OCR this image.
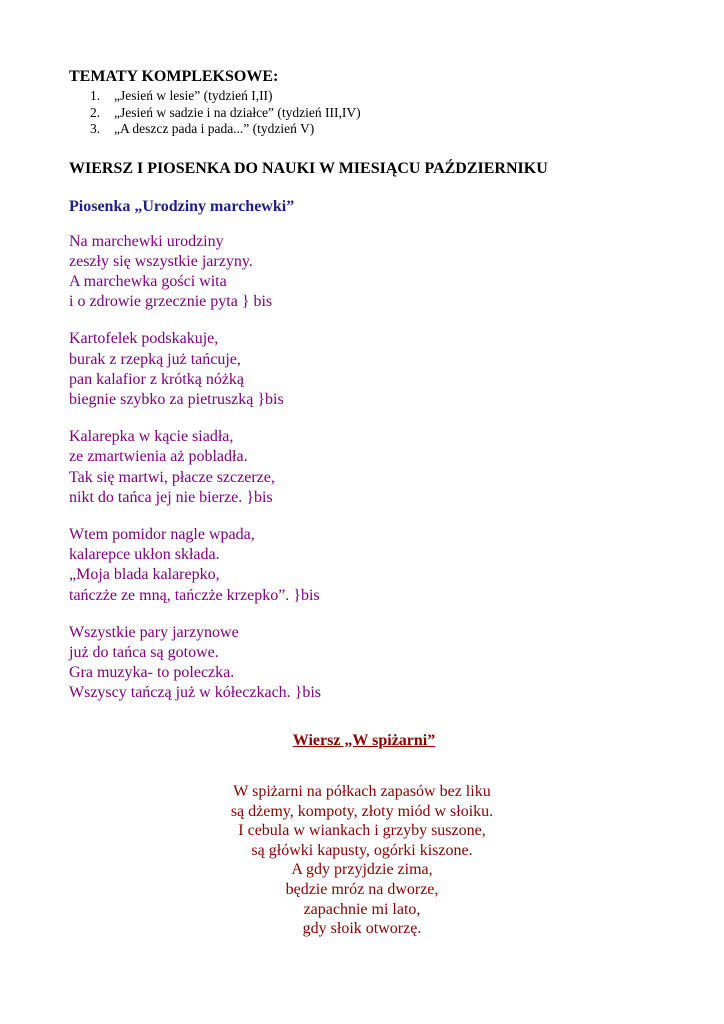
TEMATY KOMPLEKSOWE:
1.	„Jesień w lesie” (tydzień I,II)
2.	„Jesień w sadzie i na działce” (tydzień III,IV)
3.	„A deszcz pada i pada...” (tydzień V)
WIERSZ I PIOSENKA DO NAUKI W MIESIĄCU PAŹDZIERNIKU
Piosenka „Urodziny marchewki”
Na marchewki urodziny
zeszły się wszystkie jarzyny.
A marchewka gości wita
i o zdrowie grzecznie pyta } bis
Kartofelek podskakuje,
burak z rzepką już tańcuje,
pan kalafior z krótką nóżką
biegnie szybko za pietruszką }bis
Kalarepka w kącie siadła,
ze zmartwienia aż pobladła.
Tak się martwi, płacze szczerze,
nikt do tańca jej nie bierze. }bis
Wtem pomidor nagle wpada,
kalarepce ukłon składa.
„Moja blada kalarepko,
tańczże ze mną, tańczże krzepko”. }bis
Wszystkie pary jarzynowe
już do tańca są gotowe.
Gra muzyka- to poleczka.
Wszyscy tańczą już w kółeczkach. }bis
Wiersz „W spiżarni”
W spiżarni na półkach zapasów bez liku
są dżemy, kompoty, złoty miód w słoiku.
I cebula w wiankach i grzyby suszone,
są główki kapusty, ogórki kiszone.
A gdy przyjdzie zima,
będzie mróz na dworze,
zapachnie mi lato,
gdy słoik otworzę.
